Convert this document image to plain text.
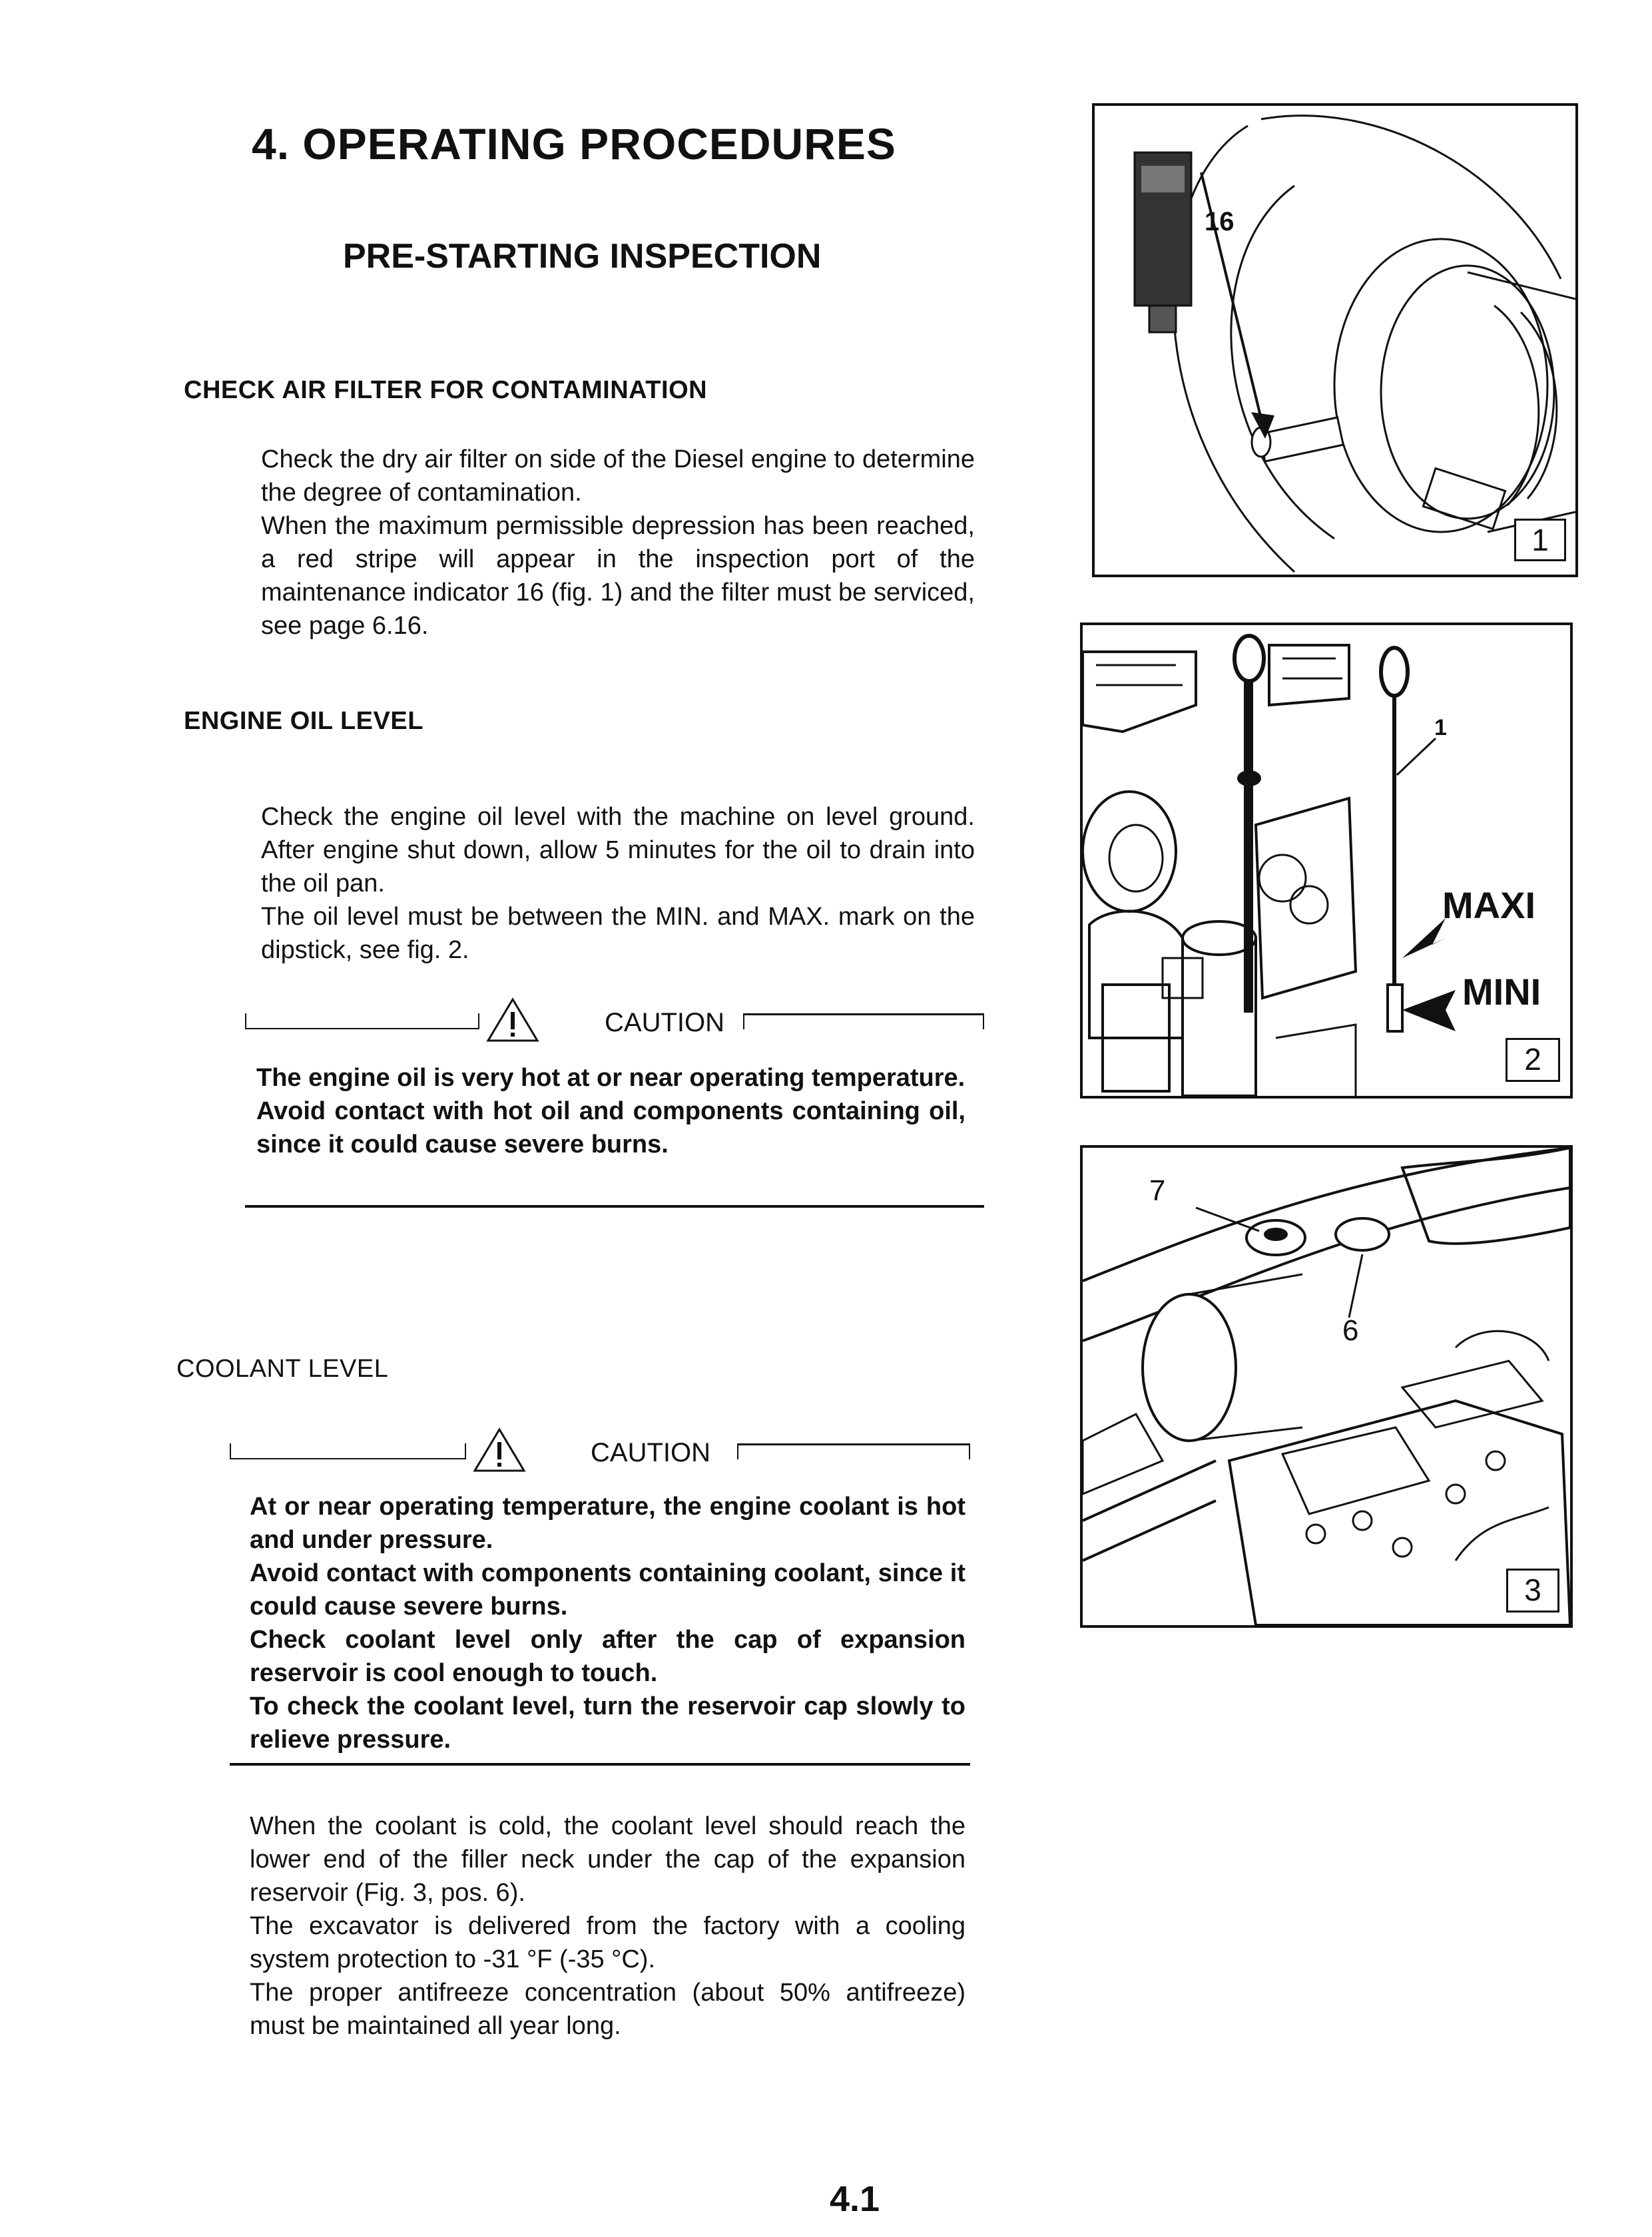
4. OPERATING PROCEDURES
PRE-STARTING INSPECTION
CHECK AIR FILTER FOR CONTAMINATION

Check the dry air filter on side of the Diesel engine to determine the degree of contamination.

When the maximum permissible depression has been reached, a red stripe will appear in the inspection port of the maintenance indicator 16 (fig. 1) and the filter must be serviced, see page 6.16.

ENGINE OIL LEVEL

Check the engine oil level with the machine on level ground. After engine shut down, allow 5 minutes for the oil to drain into the oil pan.

The oil level must be between the MIN. and MAX. mark on the dipstick, see fig. 2.

CAUTION

The engine oil is very hot at or near operating temperature.

Avoid contact with hot oil and components containing oil, since it could cause severe burns.

COOLANT LEVEL
CAUTION

At or near operating temperature, the engine coolant is hot and under pressure.

Avoid contact with components containing coolant, since it could cause severe burns.

Check coolant level only after the cap of expansion reservoir is cool enough to touch.

To check the coolant level, turn the reservoir cap slowly to relieve pressure.

When the coolant is cold, the coolant level should reach the lower end of the filler neck under the cap of the expansion reservoir (Fig. 3, pos. 6).

The excavator is delivered from the factory with a cooling system protection to -31 °F (-35 °C).

The proper antifreeze concentration (about 50% antifreeze) must be maintained all year long.

16
1
1
MAXI
MINI
2
7
6
3
4.1
